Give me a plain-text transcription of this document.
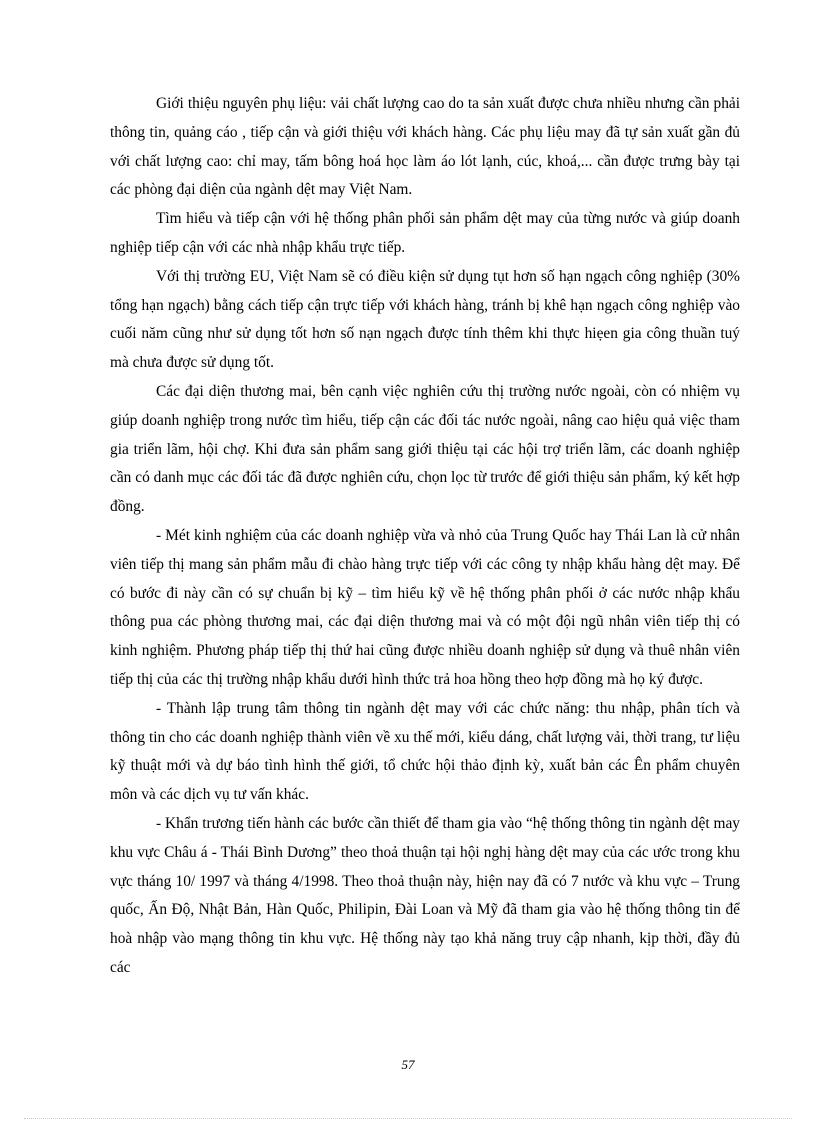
Giới thiệu nguyên phụ liệu: vải chất lượng cao do ta sản xuất được chưa nhiều nhưng cần phải thông tin, quảng cáo , tiếp cận và giới thiệu với khách hàng. Các phụ liệu may đã tự sản xuất gần đủ với chất lượng cao: chỉ may, tấm bông hoá học làm áo lót lạnh, cúc, khoá,... cần được trưng bày tại các phòng đại diện của ngành dệt may Việt Nam.

Tìm hiểu và tiếp cận với hệ thống phân phối sản phẩm dệt may của từng nước và giúp doanh nghiệp tiếp cận với các nhà nhập khẩu trực tiếp.

Với thị trường EU, Việt Nam sẽ có điều kiện sử dụng tụt hơn số hạn ngạch công nghiệp (30% tổng hạn ngạch) bằng cách tiếp cận trực tiếp với khách hàng, tránh bị khê hạn ngạch công nghiệp vào cuối năm cũng như sử dụng tốt hơn số nạn ngạch được tính thêm khi thực hiẹen gia công thuần tuý mà chưa được sử dụng tốt.

Các đại diện thương mai, bên cạnh việc nghiên cứu thị trường nước ngoài, còn có nhiệm vụ giúp doanh nghiệp trong nước tìm hiểu, tiếp cận các đối tác nước ngoài, nâng cao hiệu quả việc tham gia triển lãm, hội chợ. Khi đưa sản phẩm sang giới thiệu tại các hội trợ triển lãm, các doanh nghiệp cần có danh mục các đối tác đã được nghiên cứu, chọn lọc từ trước để giới thiệu sản phẩm, ký kết hợp đồng.

- Mét kinh nghiệm của các doanh nghiệp vừa và nhỏ của Trung Quốc hay Thái Lan là cử nhân viên tiếp thị mang sản phẩm mẫu đi chào hàng trực tiếp với các công ty nhập khẩu hàng dệt may. Để có bước đi này cần có sự chuẩn bị kỹ – tìm hiểu kỹ về hệ thống phân phối ở các nước nhập khẩu thông pua các phòng thương mai, các đại diện thương mai và có một đội ngũ nhân viên tiếp thị có kinh nghiệm. Phương pháp tiếp thị thứ hai cũng được nhiều doanh nghiệp sử dụng và thuê nhân viên tiếp thị của các thị trường nhập khẩu dưới hình thức trả hoa hồng theo hợp đồng mà họ ký được.

- Thành lập trung tâm thông tin ngành dệt may với các chức năng: thu nhập, phân tích và thông tin cho các doanh nghiệp thành viên về xu thế mới, kiểu dáng, chất lượng vải, thời trang, tư liệu kỹ thuật mới và dự báo tình hình thế giới, tổ chức hội thảo định kỳ, xuất bản các Ên phẩm chuyên môn và các dịch vụ tư vấn khác.

- Khẩn trương tiến hành các bước cần thiết để tham gia vào “hệ thống thông tin ngành dệt may khu vực Châu á - Thái Bình Dương” theo thoả thuận tại hội nghị hàng dệt may của các ước trong khu vực tháng 10/ 1997 và tháng 4/1998. Theo thoả thuận này, hiện nay đã có 7 nước và khu vực – Trung quốc, Ấn Độ, Nhật Bản, Hàn Quốc, Philipin, Đài Loan và Mỹ đã tham gia vào hệ thống thông tin để hoà nhập vào mạng thông tin khu vực. Hệ thống này tạo khả năng truy cập nhanh, kịp thời, đầy đủ các

57
